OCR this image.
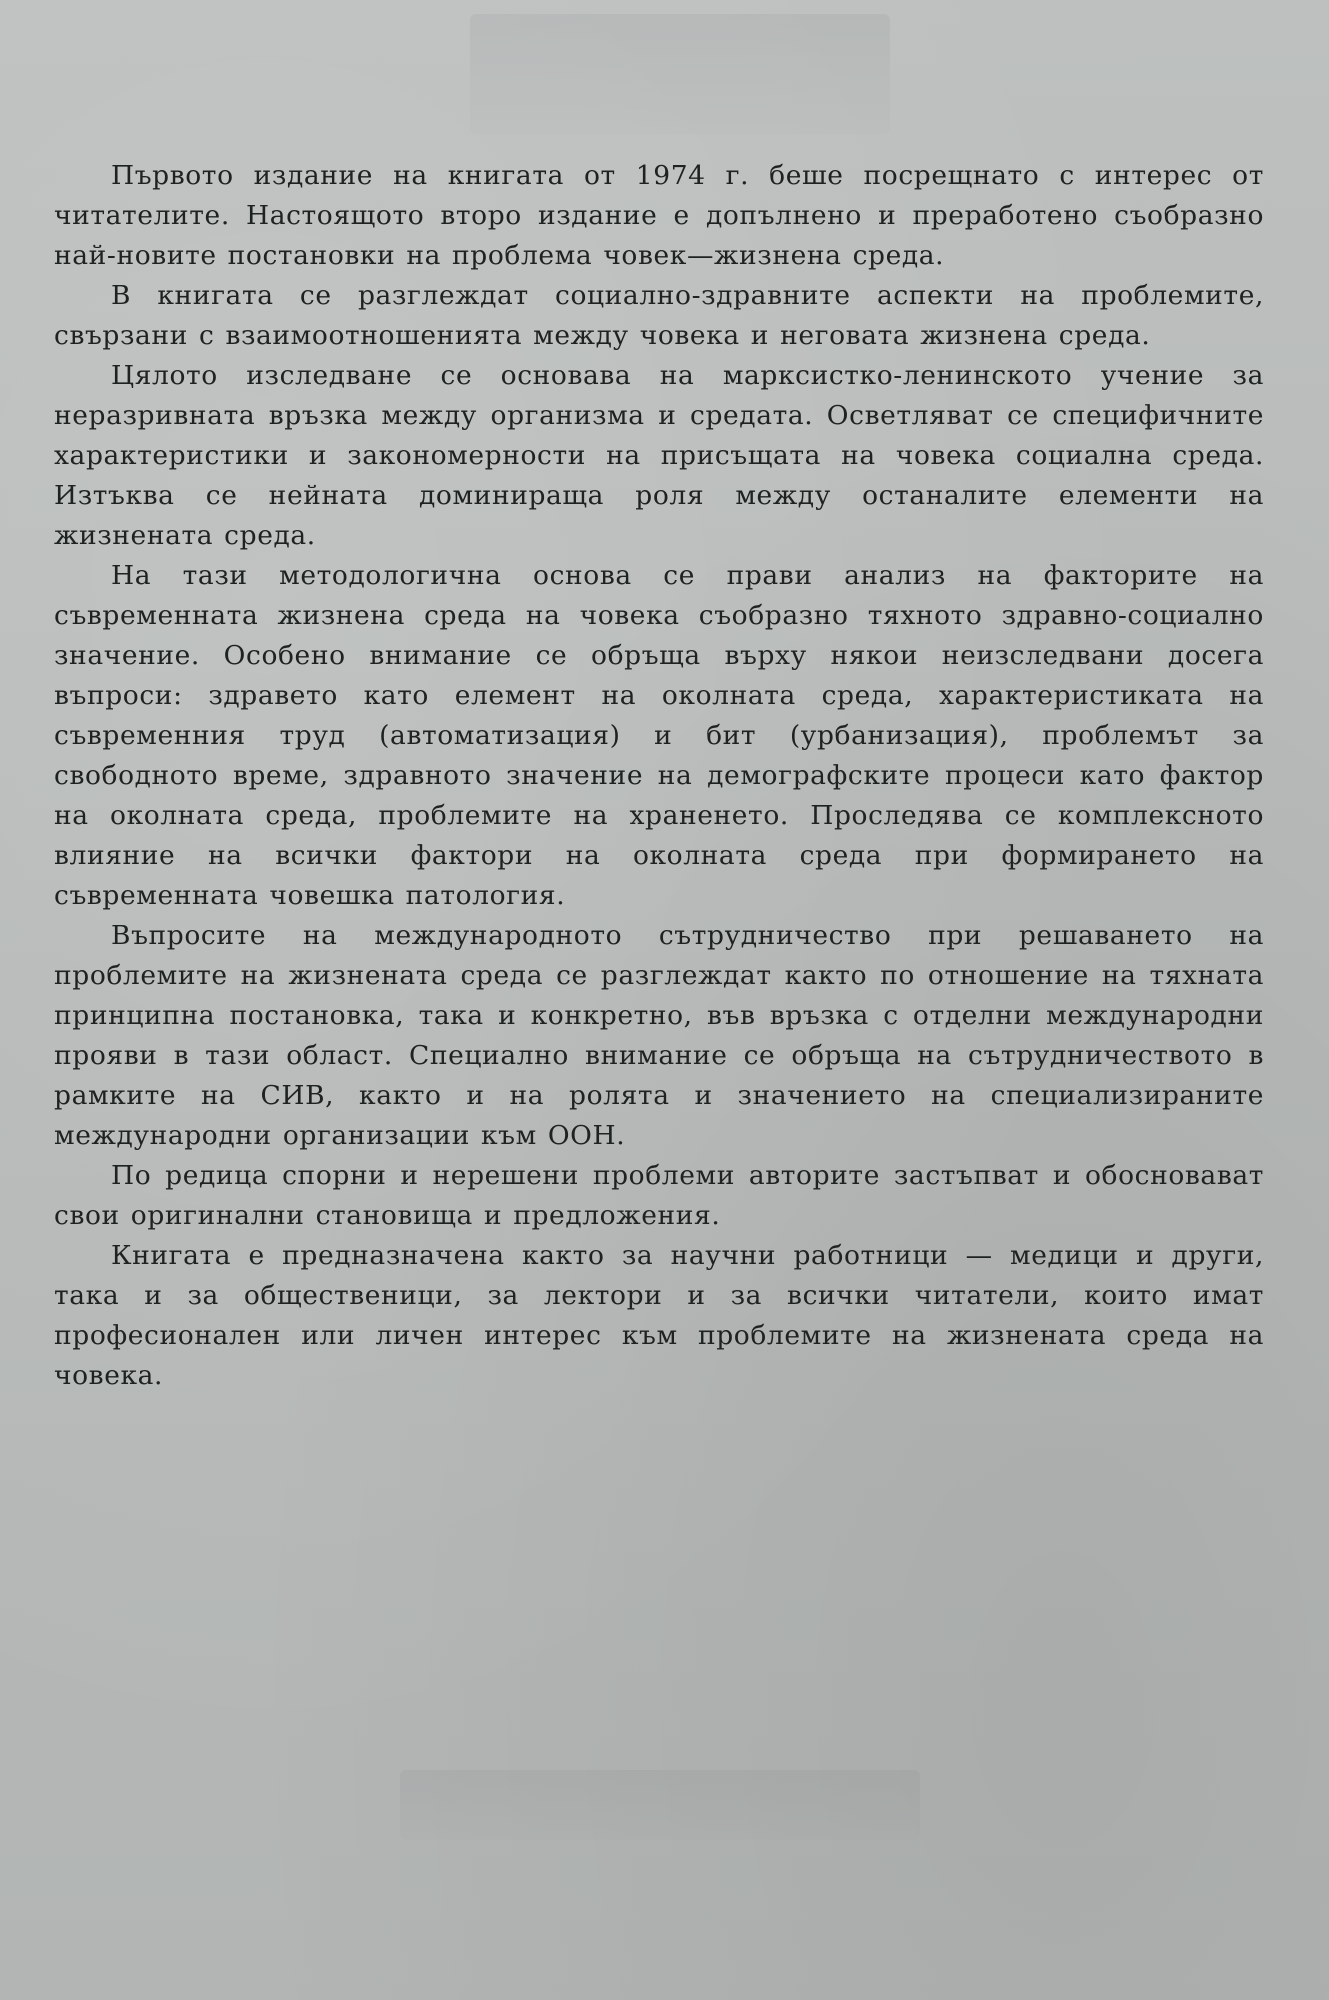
Първото издание на книгата от 1974 г. беше посрещнато с интерес от читателите. Настоящото второ издание е допълнено и преработено съобразно най-новите постановки на проблема човек—жизнена среда.

В книгата се разглеждат социално-здравните аспекти на проблемите, свързани с взаимоотношенията между човека и неговата жизнена среда.

Цялото изследване се основава на марксистко-ленинското учение за неразривната връзка между организма и средата. Осветляват се специфичните характеристики и закономерности на присъщата на човека социална среда. Изтъква се нейната доминираща роля между останалите елементи на жизнената среда.

На тази методологична основа се прави анализ на факторите на съвременната жизнена среда на човека съобразно тяхното здравно-социално значение. Особено внимание се обръща върху някои неизследвани досега въпроси: здравето като елемент на околната среда, характеристиката на съвременния труд (автоматизация) и бит (урбанизация), проблемът за свободното време, здравното значение на демографските процеси като фактор на околната среда, проблемите на храненето. Проследява се комплексното влияние на всички фактори на околната среда при формирането на съвременната човешка патология.

Въпросите на международното сътрудничество при решаването на проблемите на жизнената среда се разглеждат както по отношение на тяхната принципна постановка, така и конкретно, във връзка с отделни международни прояви в тази област. Специално внимание се обръща на сътрудничеството в рамките на СИВ, както и на ролята и значението на специализираните международни организации към ООН.

По редица спорни и нерешени проблеми авторите застъпват и обосновават свои оригинални становища и предложения.

Книгата е предназначена както за научни работници — медици и други, така и за общественици, за лектори и за всички читатели, които имат професионален или личен интерес към проблемите на жизнената среда на човека.
